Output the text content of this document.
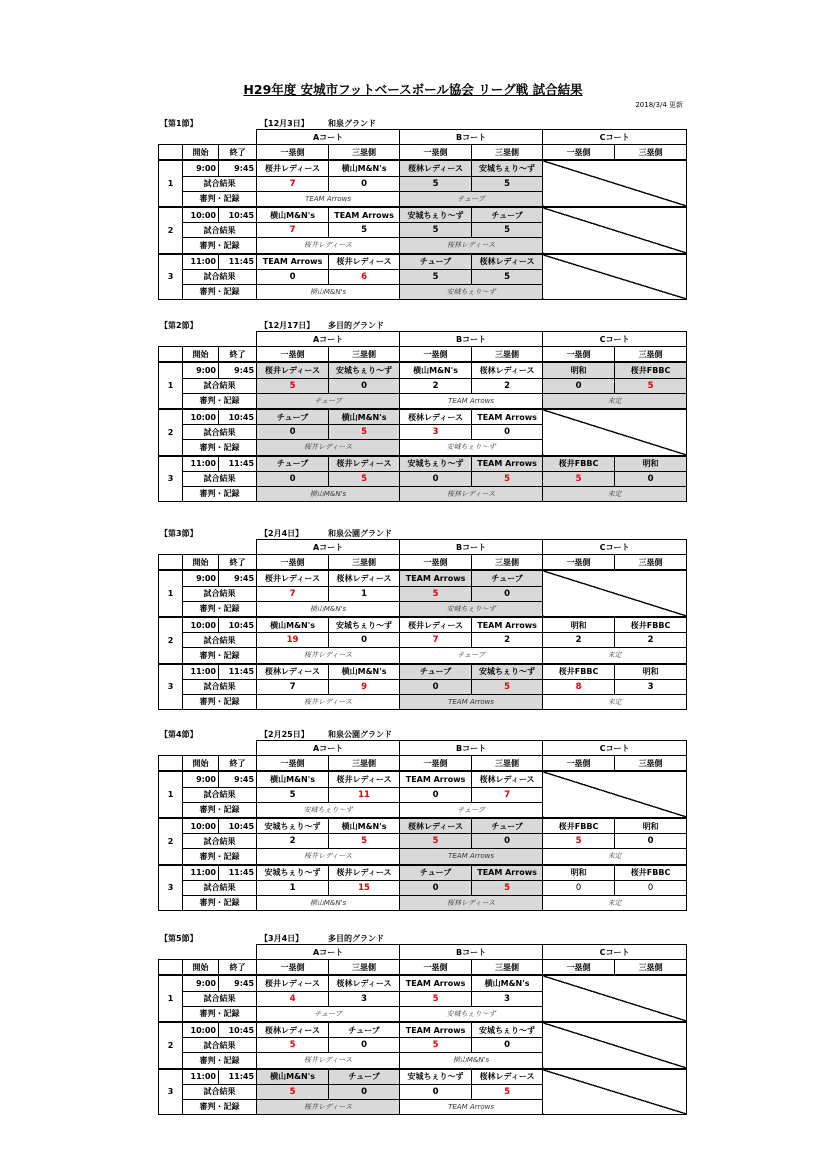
H29年度 安城市フットベースボール協会 リーグ戦 試合結果
2018/3/4 更新
【第1節】	【12月3日】 和泉グランド
			Aコート		Bコート		Cコート	
	開始	終了	一塁側	三塁側	一塁側	三塁側	一塁側	三塁側
1	9:00	9:45	桜井レディース	横山M&N's	桜林レディース	安城ちぇり～ず		
	試合結果		7	0	5	5		
	審判・記録		TEAM Arrows		チューブ			
2	10:00	10:45	横山M&N's	TEAM Arrows	安城ちぇり～ず	チューブ		
	試合結果		7	5	5	5		
	審判・記録		桜井レディース		桜林レディース			
3	11:00	11:45	TEAM Arrows	桜井レディース	チューブ	桜林レディース		
	試合結果		0	6	5	5		
	審判・記録		横山M&N's		安城ちぇり～ず			
【第2節】	【12月17日】 多目的グランド
			Aコート		Bコート		Cコート	
	開始	終了	一塁側	三塁側	一塁側	三塁側	一塁側	三塁側
1	9:00	9:45	桜井レディース	安城ちぇり～ず	横山M&N's	桜林レディース	明和	桜井FBBC
	試合結果		5	0	2	2	0	5
	審判・記録		チューブ		TEAM Arrows		未定	
2	10:00	10:45	チューブ	横山M&N's	桜林レディース	TEAM Arrows		
	試合結果		0	5	3	0		
	審判・記録		桜井レディース		安城ちぇり～ず			
3	11:00	11:45	チューブ	桜井レディース	安城ちぇり～ず	TEAM Arrows	桜井FBBC	明和
	試合結果		0	5	0	5	5	0
	審判・記録		横山M&N's		桜林レディース		未定	
【第3節】	【2月4日】	和泉公園グランド
			Aコート		Bコート		Cコート	
	開始	終了	一塁側	三塁側	一塁側	三塁側	一塁側	三塁側
1	9:00	9:45	桜井レディース	桜林レディース	TEAM Arrows	チューブ		
	試合結果		7	1	5	0		
	審判・記録		横山M&N's		安城ちぇり～ず			
2	10:00	10:45	横山M&N's	安城ちぇり～ず	桜井レディース	TEAM Arrows	明和	桜井FBBC
	試合結果		19	0	7	2	2	2
	審判・記録		桜井レディース		チューブ		未定	
3	11:00	11:45	桜林レディース	横山M&N's	チューブ	安城ちぇり～ず	桜井FBBC	明和
	試合結果		7	9	0	5	8	3
	審判・記録		桜井レディース		TEAM Arrows		未定	
【第4節】	【2月25日】 和泉公園グランド
			Aコート		Bコート		Cコート	
	開始	終了	一塁側	三塁側	一塁側	三塁側	一塁側	三塁側
1	9:00	9:45	横山M&N's	桜井レディース	TEAM Arrows	桜林レディース		
	試合結果		5	11	0	7		
	審判・記録		安城ちぇり～ず		チューブ			
2	10:00	10:45	安城ちぇり～ず	横山M&N's	桜林レディース	チューブ	桜井FBBC	明和
	試合結果		2	5	5	0	5	0
	審判・記録		桜井レディース		TEAM Arrows		未定	
3	11:00	11:45	安城ちぇり～ず	桜井レディース	チューブ	TEAM Arrows	明和	桜井FBBC
	試合結果		1	15	0	5	0	0
	審判・記録		横山M&N's		桜林レディース		未定	
【第5節】	【3月4日】	多目的グランド
			Aコート		Bコート		Cコート	
	開始	終了	一塁側	三塁側	一塁側	三塁側	一塁側	三塁側
1	9:00	9:45	桜井レディース	桜林レディース	TEAM Arrows	横山M&N's		
	試合結果		4	3	5	3		
	審判・記録		チューブ		安城ちぇり～ず			
2	10:00	10:45	桜林レディース	チューブ	TEAM Arrows	安城ちぇり～ず		
	試合結果		5	0	5	0		
	審判・記録		桜井レディース		横山M&N's			
3	11:00	11:45	横山M&N's	チューブ	安城ちぇり～ず	桜林レディース		
	試合結果		5	0	0	5		
	審判・記録		桜井レディース		TEAM Arrows			
